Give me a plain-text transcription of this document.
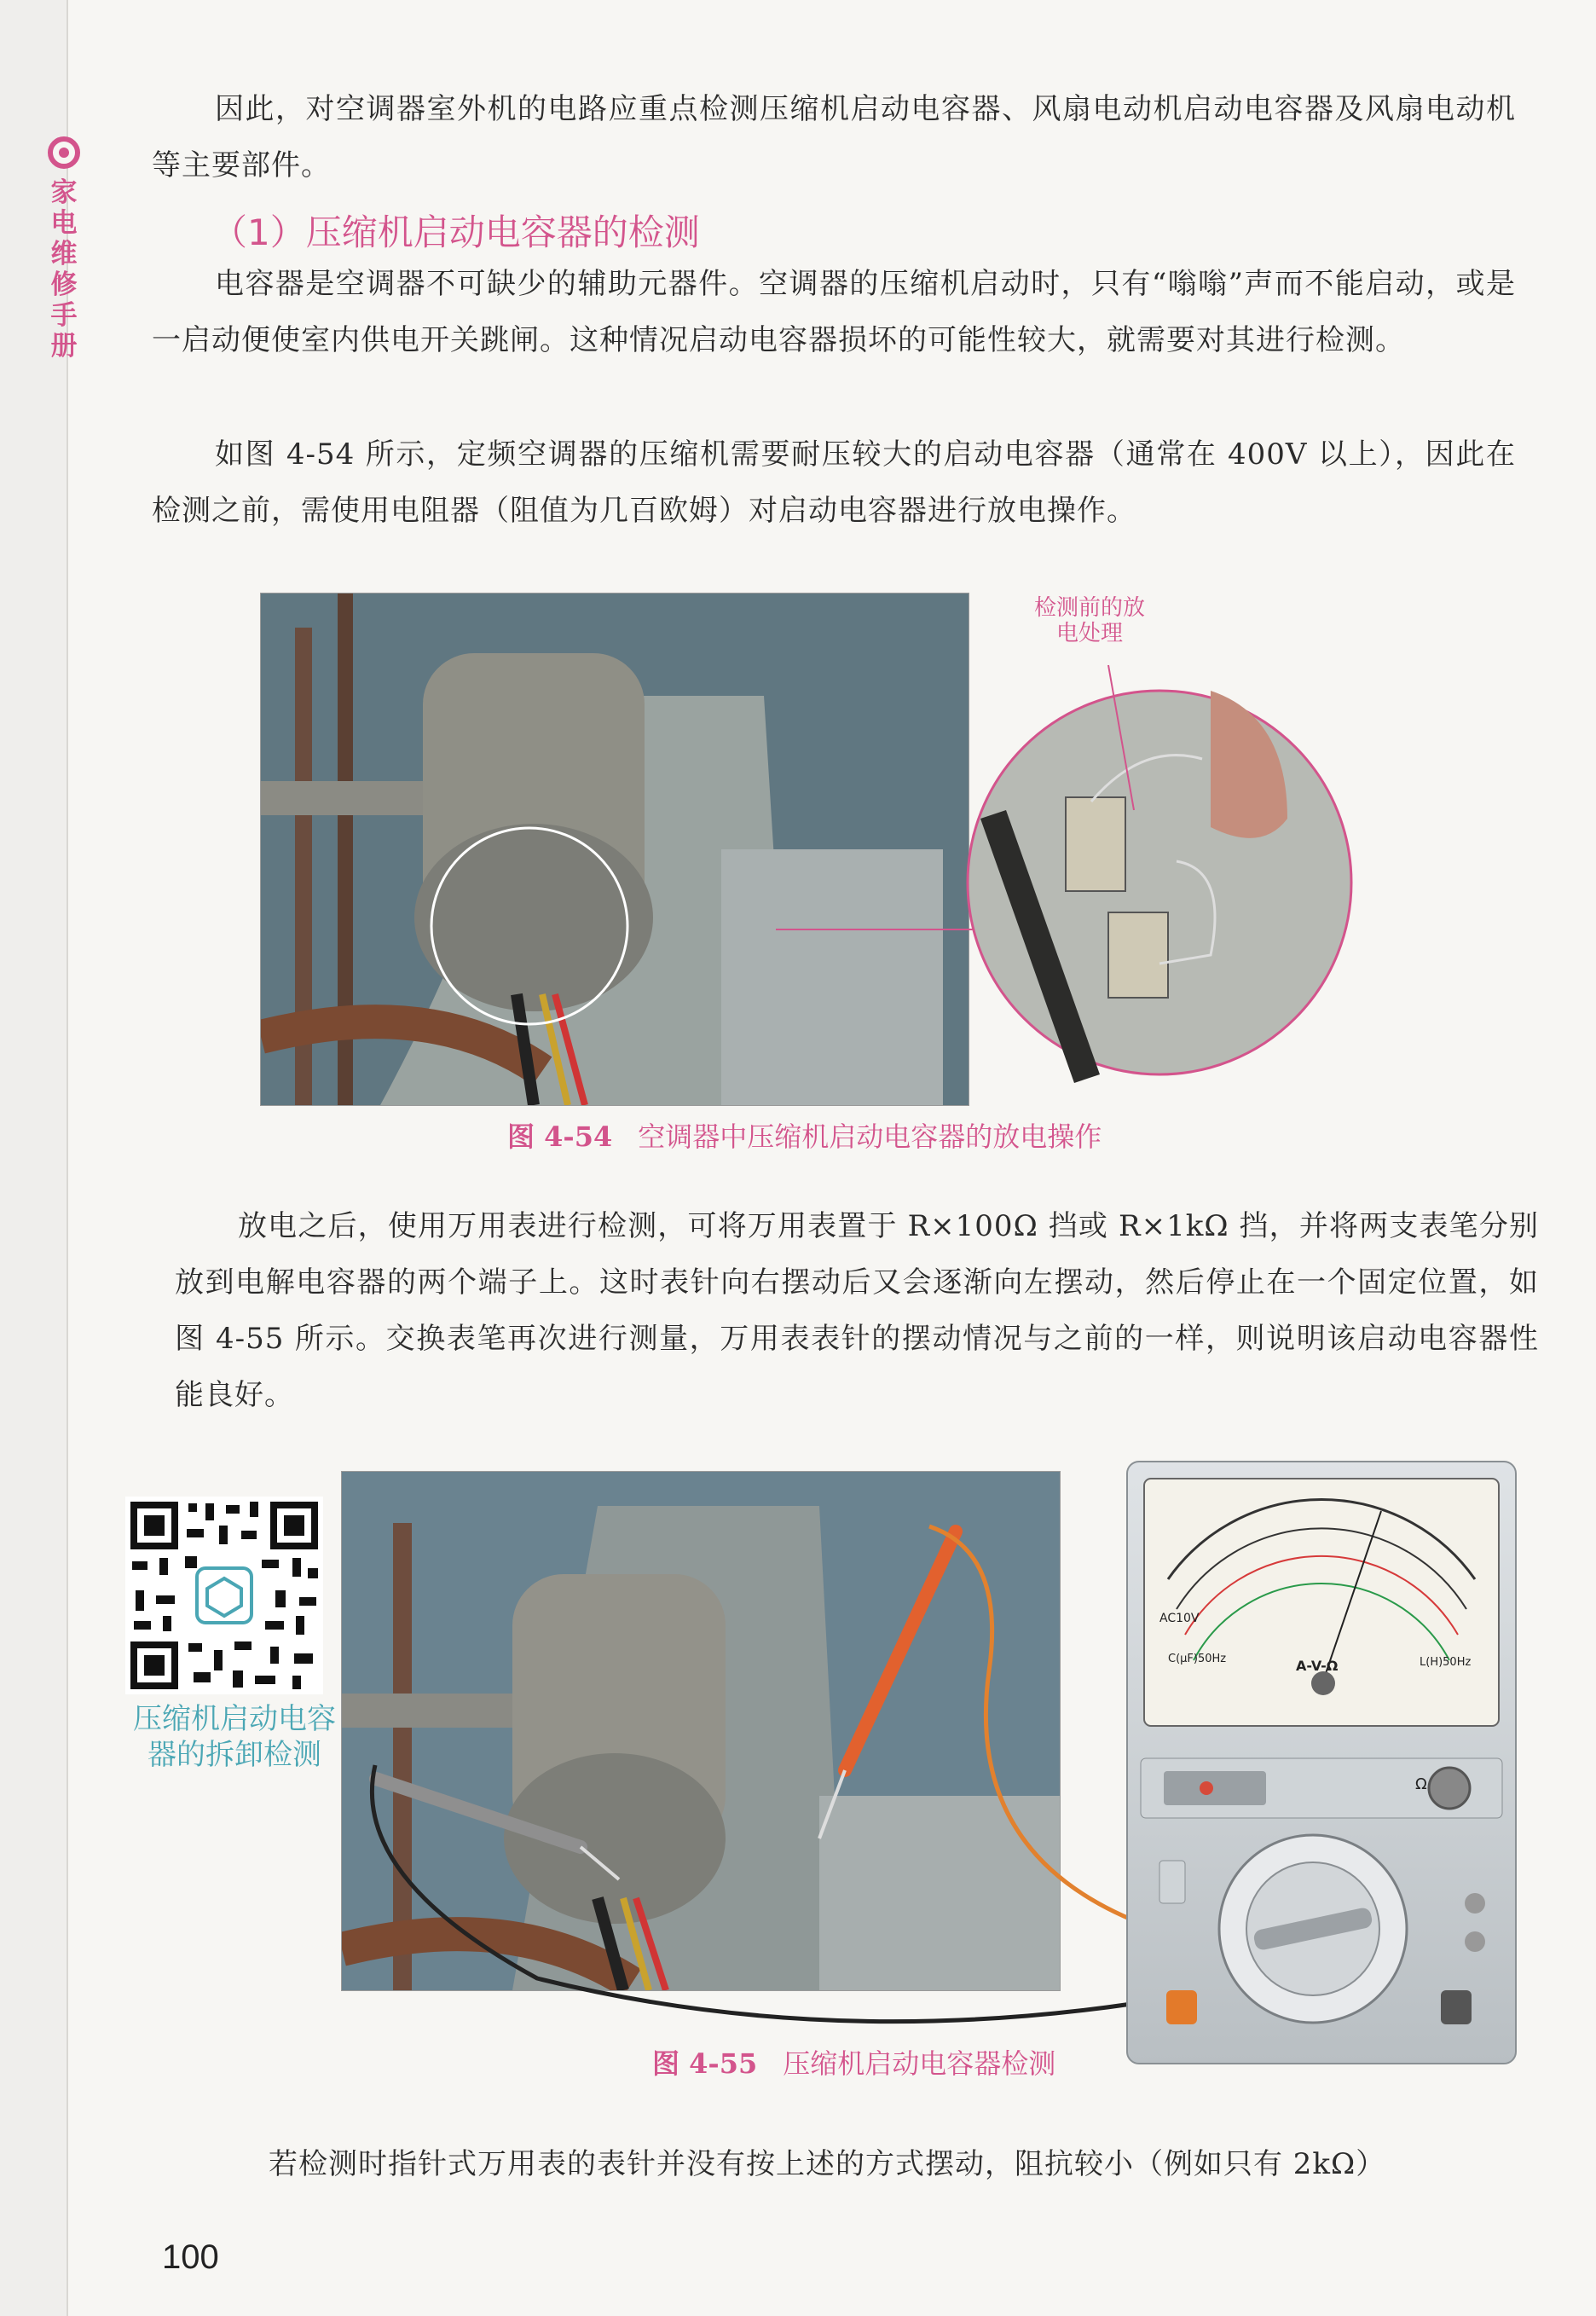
家电维修手册

因此，对空调器室外机的电路应重点检测压缩机启动电容器、风扇电动机启动电容器及风扇电动机等主要部件。

（1）压缩机启动电容器的检测

电容器是空调器不可缺少的辅助元器件。空调器的压缩机启动时，只有“嗡嗡”声而不能启动，或是一启动便使室内供电开关跳闸。这种情况启动电容器损坏的可能性较大，就需要对其进行检测。

如图 4-54 所示，定频空调器的压缩机需要耐压较大的启动电容器（通常在 400V 以上），因此在检测之前，需使用电阻器（阻值为几百欧姆）对启动电容器进行放电操作。

检测前的放电处理
图 4-54 空调器中压缩机启动电容器的放电操作

放电之后，使用万用表进行检测，可将万用表置于 R×100Ω 挡或 R×1kΩ 挡，并将两支表笔分别放到电解电容器的两个端子上。这时表针向右摆动后又会逐渐向左摆动，然后停止在一个固定位置，如图 4-55 所示。交换表笔再次进行测量，万用表表针的摆动情况与之前的一样，则说明该启动电容器性能良好。

压缩机启动电容器的拆卸检测
AC10V
C(μF)50Hz	L(H)50Hz
A-V-Ω
Ω
图 4-55 压缩机启动电容器检测

若检测时指针式万用表的表针并没有按上述的方式摆动，阻抗较小（例如只有 2kΩ）

100
